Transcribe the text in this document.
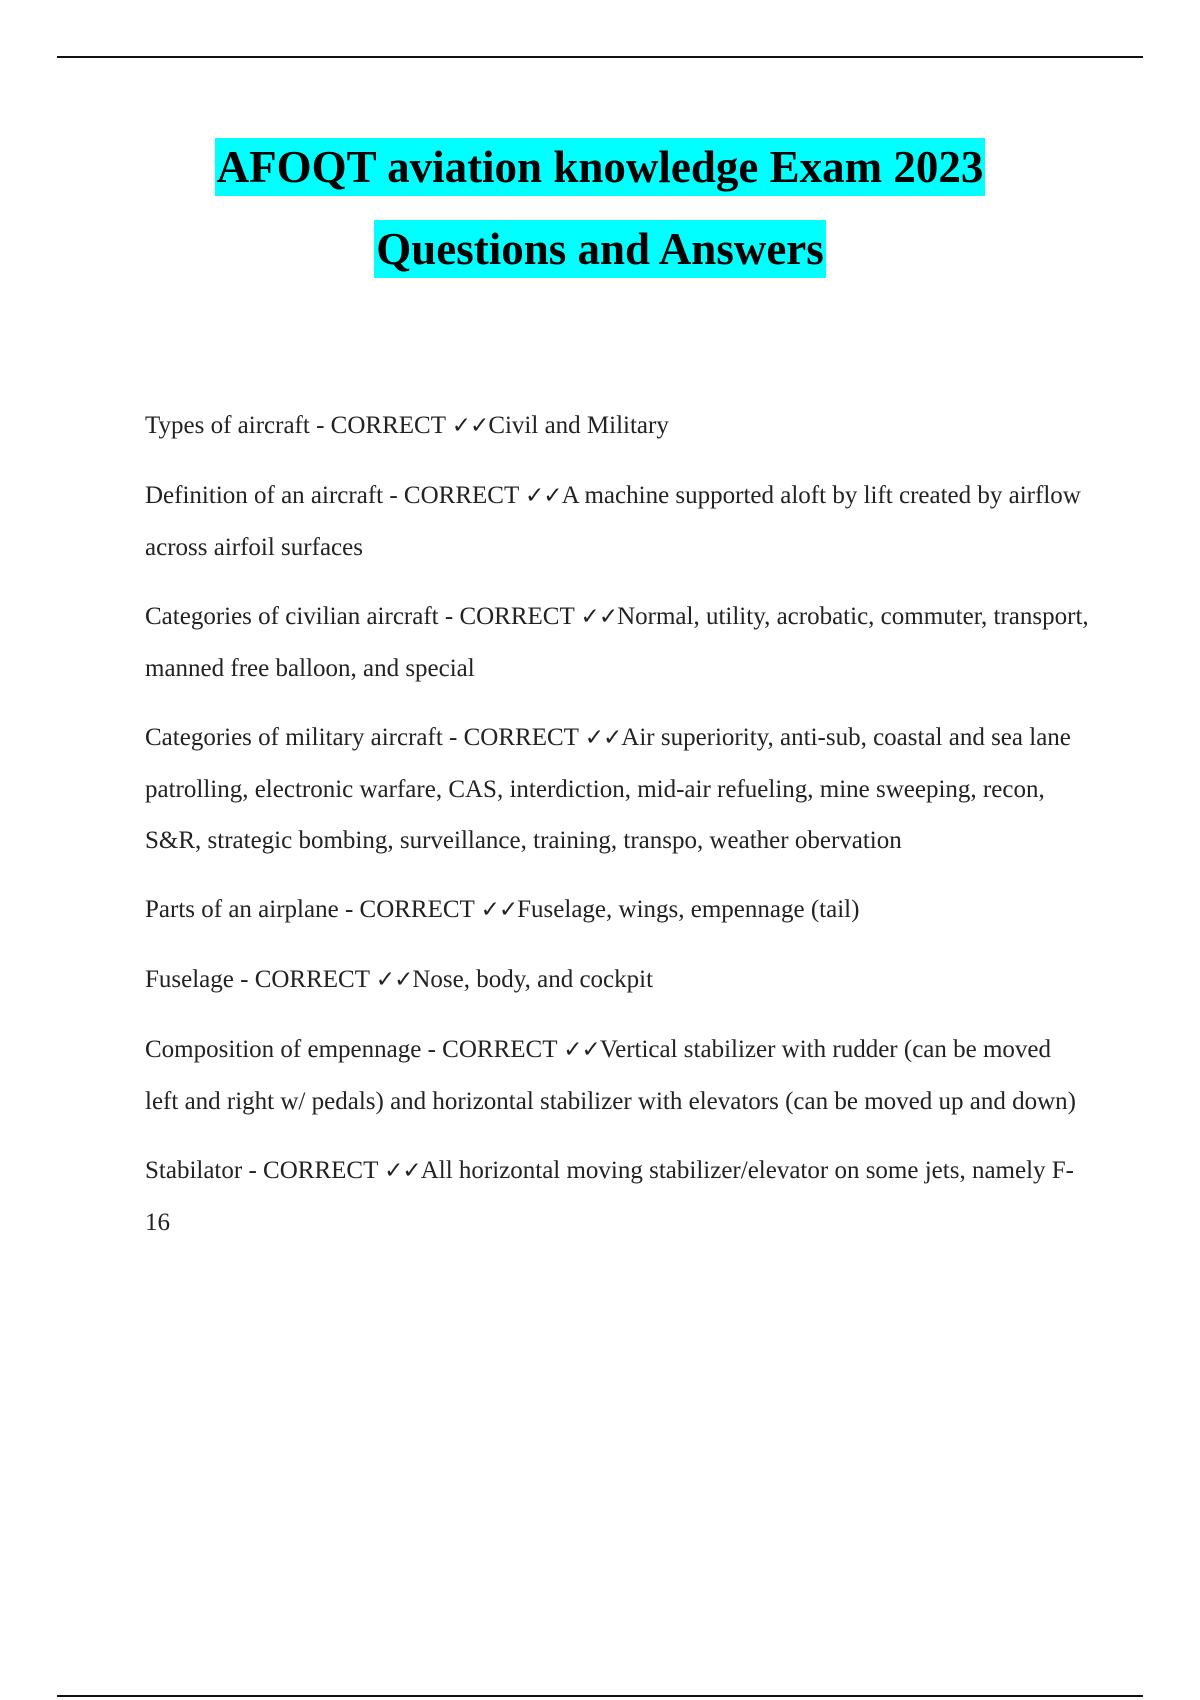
AFOQT aviation knowledge Exam 2023
Questions and Answers

Types of aircraft - CORRECT ✓✓Civil and Military

Definition of an aircraft - CORRECT ✓✓A machine supported aloft by lift created by airflow across airfoil surfaces

Categories of civilian aircraft - CORRECT ✓✓Normal, utility, acrobatic, commuter, transport, manned free balloon, and special

Categories of military aircraft - CORRECT ✓✓Air superiority, anti-sub, coastal and sea lane patrolling, electronic warfare, CAS, interdiction, mid-air refueling, mine sweeping, recon, S&R, strategic bombing, surveillance, training, transpo, weather obervation

Parts of an airplane - CORRECT ✓✓Fuselage, wings, empennage (tail)

Fuselage - CORRECT ✓✓Nose, body, and cockpit

Composition of empennage - CORRECT ✓✓Vertical stabilizer with rudder (can be moved left and right w/ pedals) and horizontal stabilizer with elevators (can be moved up and down)

Stabilator - CORRECT ✓✓All horizontal moving stabilizer/elevator on some jets, namely F-16
